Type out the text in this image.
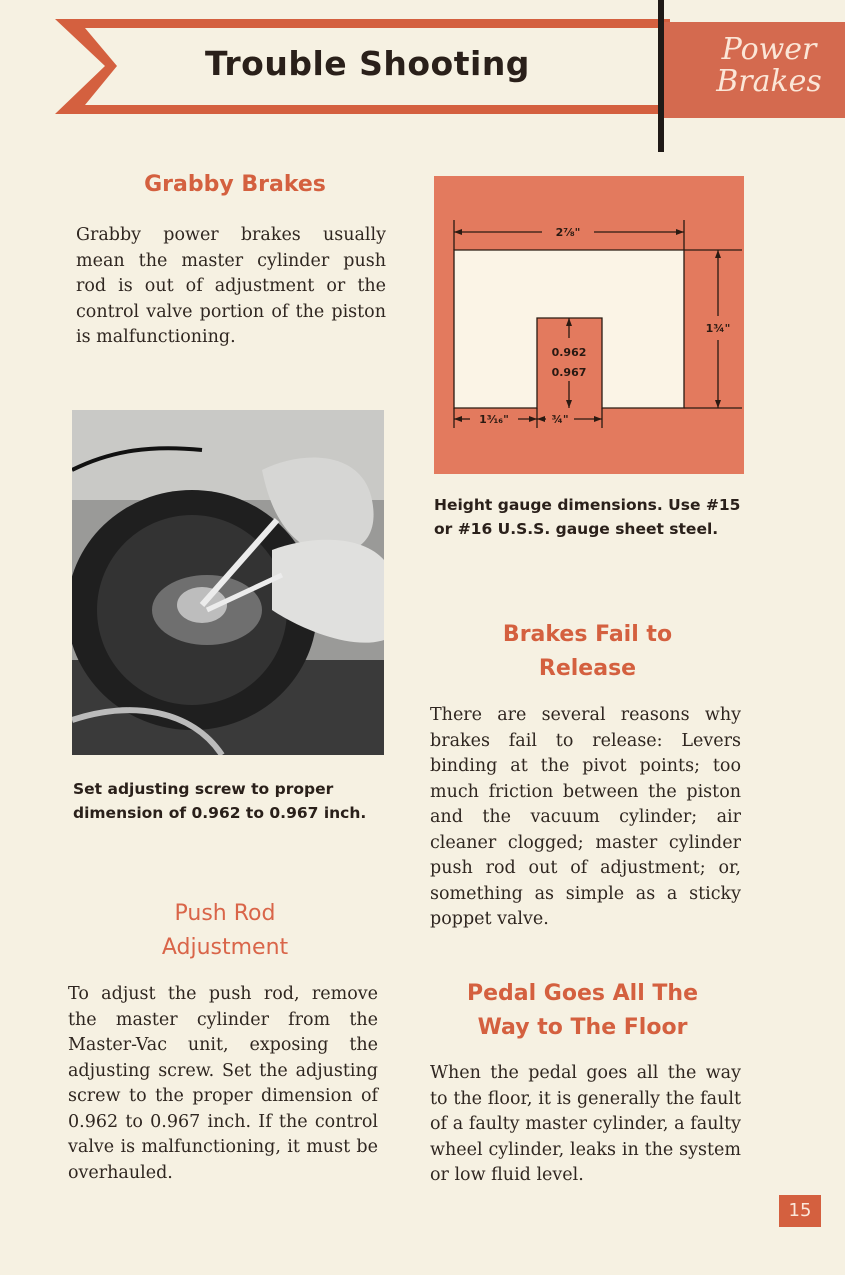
Trouble Shooting	Power Brakes
Grabby Brakes

Grabby power brakes usually mean the master cylinder push rod is out of adjustment or the control valve portion of the piston is malfunctioning.

Set adjusting screw to proper dimension of 0.962 to 0.967 inch.

Push Rod
Adjustment

To adjust the push rod, remove the master cylinder from the Master-Vac unit, exposing the adjusting screw. Set the adjusting screw to the proper dimension of 0.962 to 0.967 inch. If the control valve is malfunctioning, it must be overhauled.

2⅞"
1¾"
0.962
0.967
1³⁄₁₆"	¾"

Height gauge dimensions. Use #15 or #16 U.S.S. gauge sheet steel.

Brakes Fail to
Release

There are several reasons why brakes fail to release: Levers binding at the pivot points; too much friction between the piston and the vacuum cylinder; air cleaner clogged; master cylinder push rod out of adjustment; or, something as simple as a sticky poppet valve.

Pedal Goes All The
Way to The Floor

When the pedal goes all the way to the floor, it is generally the fault of a faulty master cylinder, a faulty wheel cylinder, leaks in the system or low fluid level.

15
